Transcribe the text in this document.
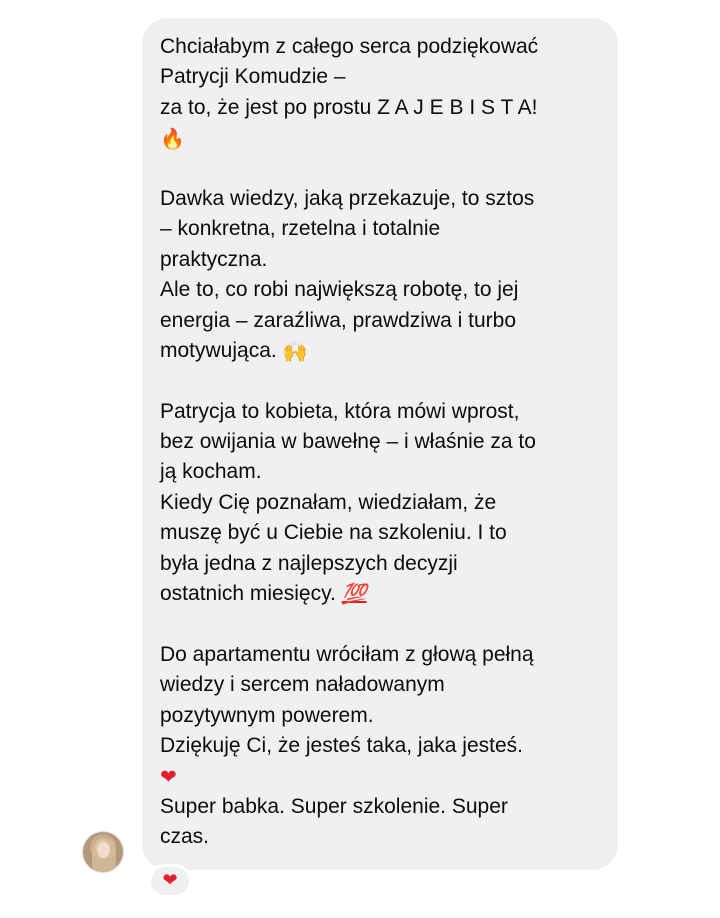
Chciałabym z całego serca podziękować
Patrycji Komudzie –
za to, że jest po prostu Z A J E B I S T A!
🔥
Dawka wiedzy, jaką przekazuje, to sztos
– konkretna, rzetelna i totalnie
praktyczna.
Ale to, co robi największą robotę, to jej
energia – zaraźliwa, prawdziwa i turbo
motywująca. 🙌
Patrycja to kobieta, która mówi wprost,
bez owijania w bawełnę – i właśnie za to
ją kocham.
Kiedy Cię poznałam, wiedziałam, że
muszę być u Ciebie na szkoleniu. I to
była jedna z najlepszych decyzji
ostatnich miesięcy. 💯
Do apartamentu wróciłam z głową pełną
wiedzy i sercem naładowanym
pozytywnym powerem.
Dziękuję Ci, że jesteś taka, jaka jesteś.
❤
Super babka. Super szkolenie. Super
czas.
❤
